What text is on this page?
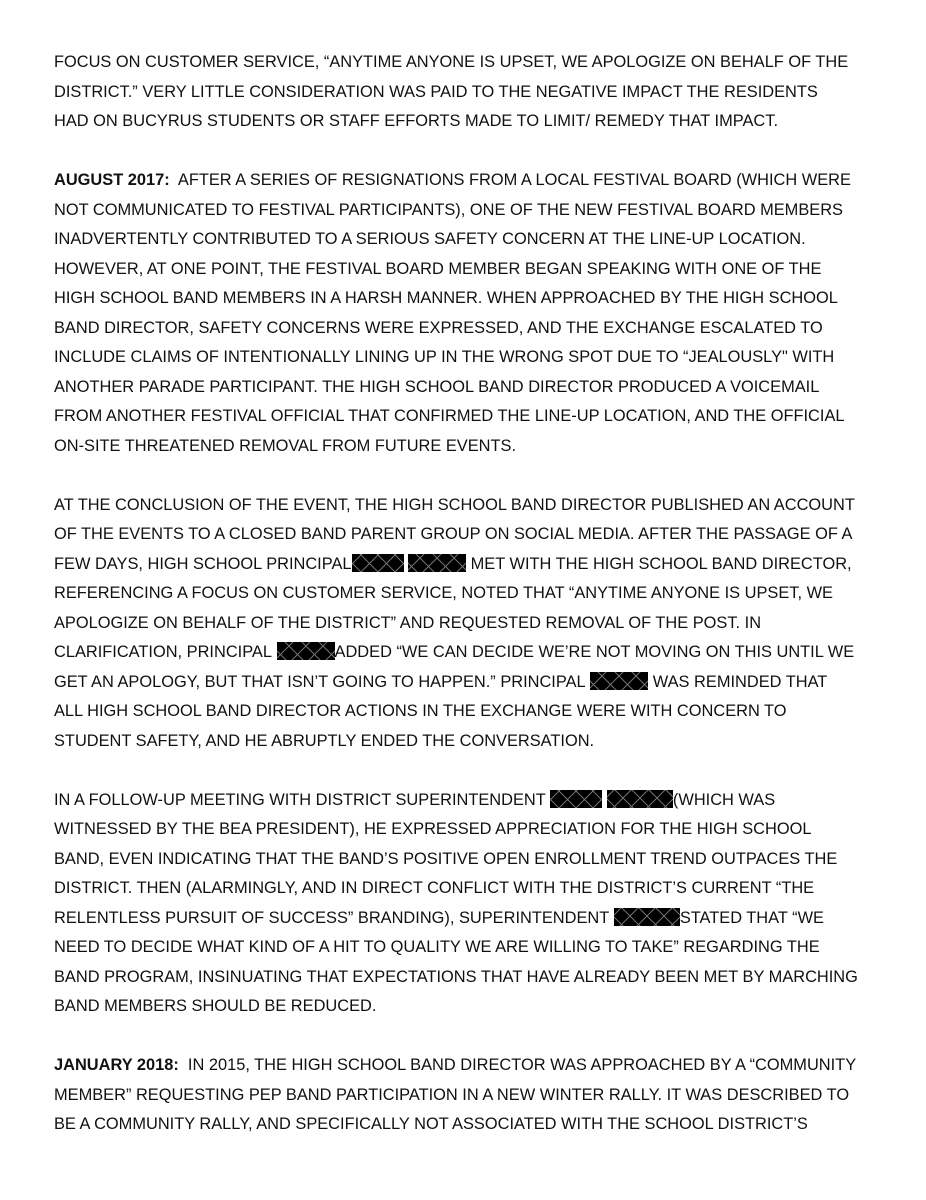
FOCUS ON CUSTOMER SERVICE, “ANYTIME ANYONE IS UPSET, WE APOLOGIZE ON BEHALF OF THE
DISTRICT.” VERY LITTLE CONSIDERATION WAS PAID TO THE NEGATIVE IMPACT THE RESIDENTS
HAD ON BUCYRUS STUDENTS OR STAFF EFFORTS MADE TO LIMIT/ REMEDY THAT IMPACT.

AUGUST 2017: AFTER A SERIES OF RESIGNATIONS FROM A LOCAL FESTIVAL BOARD (WHICH WERE
NOT COMMUNICATED TO FESTIVAL PARTICIPANTS), ONE OF THE NEW FESTIVAL BOARD MEMBERS
INADVERTENTLY CONTRIBUTED TO A SERIOUS SAFETY CONCERN AT THE LINE-UP LOCATION.
HOWEVER, AT ONE POINT, THE FESTIVAL BOARD MEMBER BEGAN SPEAKING WITH ONE OF THE
HIGH SCHOOL BAND MEMBERS IN A HARSH MANNER. WHEN APPROACHED BY THE HIGH SCHOOL
BAND DIRECTOR, SAFETY CONCERNS WERE EXPRESSED, AND THE EXCHANGE ESCALATED TO
INCLUDE CLAIMS OF INTENTIONALLY LINING UP IN THE WRONG SPOT DUE TO “JEALOUSLY" WITH
ANOTHER PARADE PARTICIPANT. THE HIGH SCHOOL BAND DIRECTOR PRODUCED A VOICEMAIL
FROM ANOTHER FESTIVAL OFFICIAL THAT CONFIRMED THE LINE-UP LOCATION, AND THE OFFICIAL
ON-SITE THREATENED REMOVAL FROM FUTURE EVENTS.

AT THE CONCLUSION OF THE EVENT, THE HIGH SCHOOL BAND DIRECTOR PUBLISHED AN ACCOUNT
OF THE EVENTS TO A CLOSED BAND PARENT GROUP ON SOCIAL MEDIA. AFTER THE PASSAGE OF A
FEW DAYS, HIGH SCHOOL PRINCIPAL	MET WITH THE HIGH SCHOOL BAND DIRECTOR,
REFERENCING A FOCUS ON CUSTOMER SERVICE, NOTED THAT “ANYTIME ANYONE IS UPSET, WE
APOLOGIZE ON BEHALF OF THE DISTRICT” AND REQUESTED REMOVAL OF THE POST. IN
CLARIFICATION, PRINCIPAL	ADDED “WE CAN DECIDE WE’RE NOT MOVING ON THIS UNTIL WE
GET AN APOLOGY, BUT THAT ISN’T GOING TO HAPPEN.” PRINCIPAL	WAS REMINDED THAT
ALL HIGH SCHOOL BAND DIRECTOR ACTIONS IN THE EXCHANGE WERE WITH CONCERN TO
STUDENT SAFETY, AND HE ABRUPTLY ENDED THE CONVERSATION.

IN A FOLLOW-UP MEETING WITH DISTRICT SUPERINTENDENT	(WHICH WAS
WITNESSED BY THE BEA PRESIDENT), HE EXPRESSED APPRECIATION FOR THE HIGH SCHOOL
BAND, EVEN INDICATING THAT THE BAND’S POSITIVE OPEN ENROLLMENT TREND OUTPACES THE
DISTRICT. THEN (ALARMINGLY, AND IN DIRECT CONFLICT WITH THE DISTRICT’S CURRENT “THE
RELENTLESS PURSUIT OF SUCCESS” BRANDING), SUPERINTENDENT	STATED THAT “WE
NEED TO DECIDE WHAT KIND OF A HIT TO QUALITY WE ARE WILLING TO TAKE” REGARDING THE
BAND PROGRAM, INSINUATING THAT EXPECTATIONS THAT HAVE ALREADY BEEN MET BY MARCHING
BAND MEMBERS SHOULD BE REDUCED.

JANUARY 2018: IN 2015, THE HIGH SCHOOL BAND DIRECTOR WAS APPROACHED BY A “COMMUNITY
MEMBER” REQUESTING PEP BAND PARTICIPATION IN A NEW WINTER RALLY. IT WAS DESCRIBED TO
BE A COMMUNITY RALLY, AND SPECIFICALLY NOT ASSOCIATED WITH THE SCHOOL DISTRICT’S
